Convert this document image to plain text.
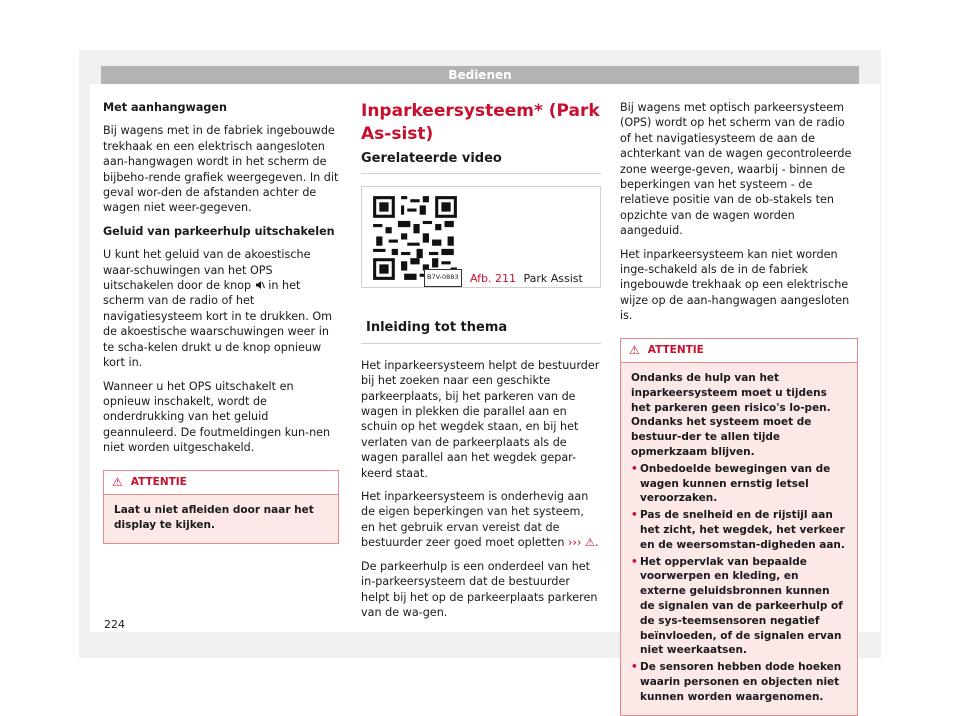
Bedienen

Met aanhangwagen

Bij wagens met in de fabriek ingebouwde trekhaak en een elektrisch aangesloten aan-hangwagen wordt in het scherm de bijbeho-rende grafiek weergegeven. In dit geval wor-den de afstanden achter de wagen niet weer-gegeven.

Geluid van parkeerhulp uitschakelen

U kunt het geluid van de akoestische waar-schuwingen van het OPS uitschakelen door de knop  in het scherm van de radio of het navigatiesysteem kort in te drukken. Om de akoestische waarschuwingen weer in te scha-kelen drukt u de knop opnieuw kort in.

Wanneer u het OPS uitschakelt en opnieuw inschakelt, wordt de onderdrukking van het geluid geannuleerd. De foutmeldingen kun-nen niet worden uitgeschakeld.

⚠ ATTENTIE

Laat u niet afleiden door naar het display te kijken.

Inparkeersysteem* (Park As-sist)
Gerelateerde video
B7V-0883 Afb. 211 Park Assist
Inleiding tot thema

Het inparkeersysteem helpt de bestuurder bij het zoeken naar een geschikte parkeerplaats, bij het parkeren van de wagen in plekken die parallel aan en schuin op het wegdek staan, en bij het verlaten van de parkeerplaats als de wagen parallel aan het wegdek gepar-keerd staat.

Het inparkeersysteem is onderhevig aan de eigen beperkingen van het systeem, en het gebruik ervan vereist dat de bestuurder zeer goed moet opletten ››› ⚠.

De parkeerhulp is een onderdeel van het in-parkeersysteem dat de bestuurder helpt bij het op de parkeerplaats parkeren van de wa-gen.

Bij wagens met optisch parkeersysteem (OPS) wordt op het scherm van de radio of het navigatiesysteem de aan de achterkant van de wagen gecontroleerde zone weerge-geven, waarbij - binnen de beperkingen van het systeem - de relatieve positie van de ob-stakels ten opzichte van de wagen worden aangeduid.

Het inparkeersysteem kan niet worden inge-schakeld als de in de fabriek ingebouwde trekhaak op een elektrische wijze op de aan-hangwagen aangesloten is.

⚠ ATTENTIE

Ondanks de hulp van het inparkeersysteem moet u tijdens het parkeren geen risico's lo-pen. Ondanks het systeem moet de bestuur-der te allen tijde opmerkzaam blijven.

• Onbedoelde bewegingen van de wagen kunnen ernstig letsel veroorzaken.
• Pas de snelheid en de rijstijl aan het zicht, het wegdek, het verkeer en de weersomstan-digheden aan.
• Het oppervlak van bepaalde voorwerpen en kleding, en externe geluidsbronnen kunnen de signalen van de parkeerhulp of de sys-teemsensoren negatief beïnvloeden, of de signalen ervan niet weerkaatsen.
• De sensoren hebben dode hoeken waarin personen en objecten niet kunnen worden waargenomen.
224
